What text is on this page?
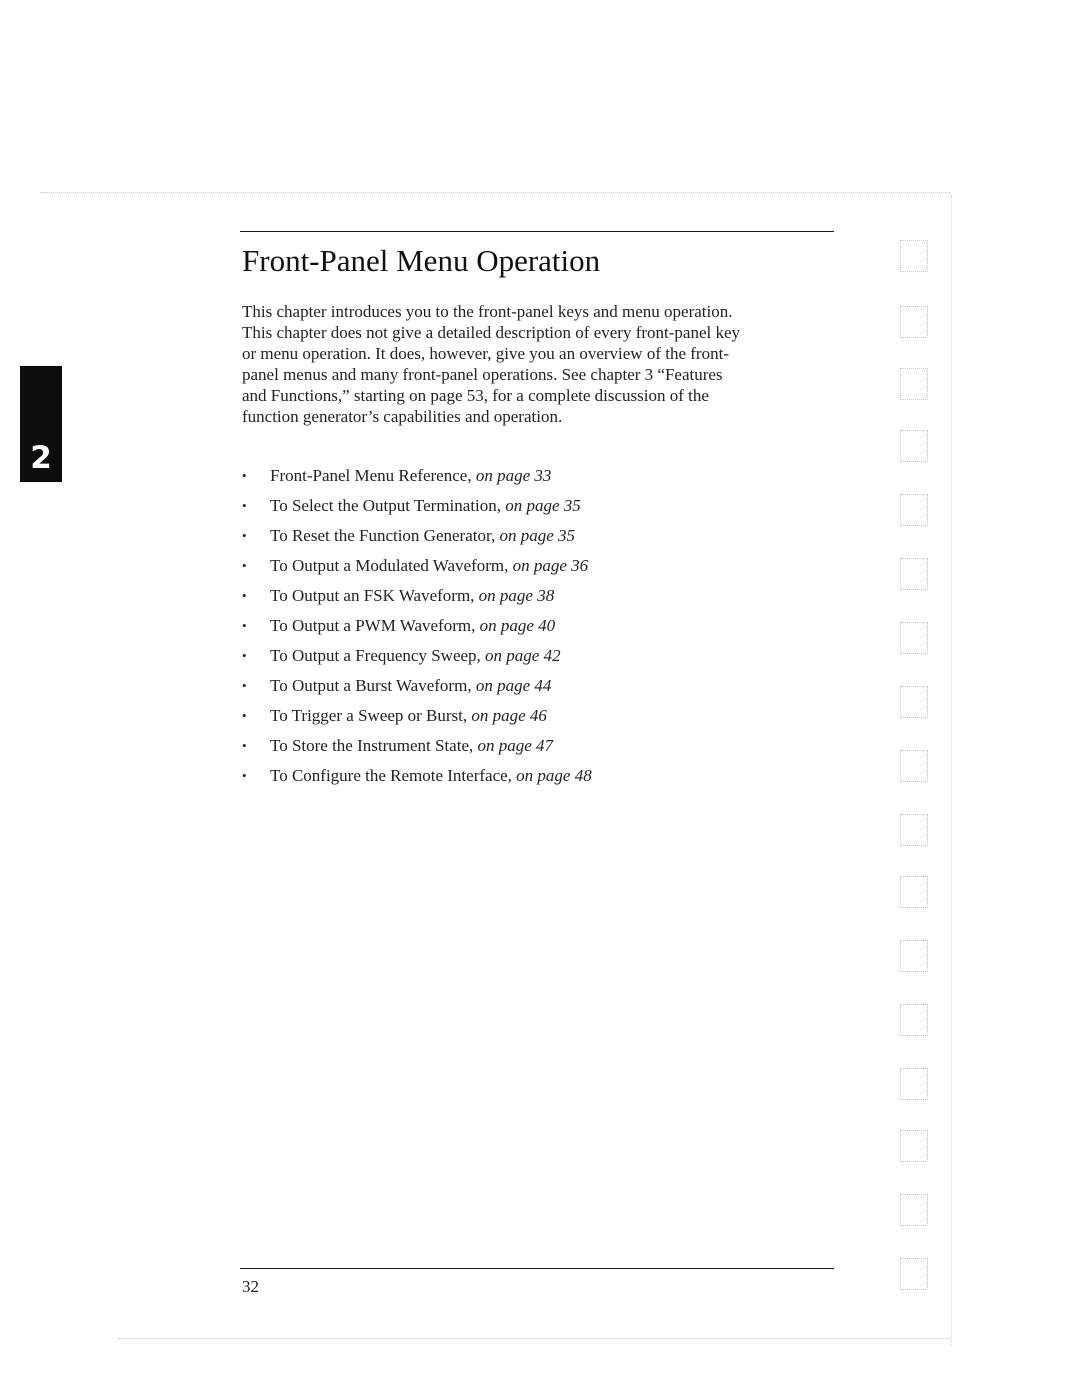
2
Front-Panel Menu Operation
This chapter introduces you to the front-panel keys and menu operation.
This chapter does not give a detailed description of every front-panel key
or menu operation. It does, however, give you an overview of the front-
panel menus and many front-panel operations. See chapter 3 “Features
and Functions,” starting on page 53, for a complete discussion of the
function generator’s capabilities and operation.
• Front-Panel Menu Reference, on page 33
• To Select the Output Termination, on page 35
• To Reset the Function Generator, on page 35
• To Output a Modulated Waveform, on page 36
• To Output an FSK Waveform, on page 38
• To Output a PWM Waveform, on page 40
• To Output a Frequency Sweep, on page 42
• To Output a Burst Waveform, on page 44
• To Trigger a Sweep or Burst, on page 46
• To Store the Instrument State, on page 47
• To Configure the Remote Interface, on page 48
32
